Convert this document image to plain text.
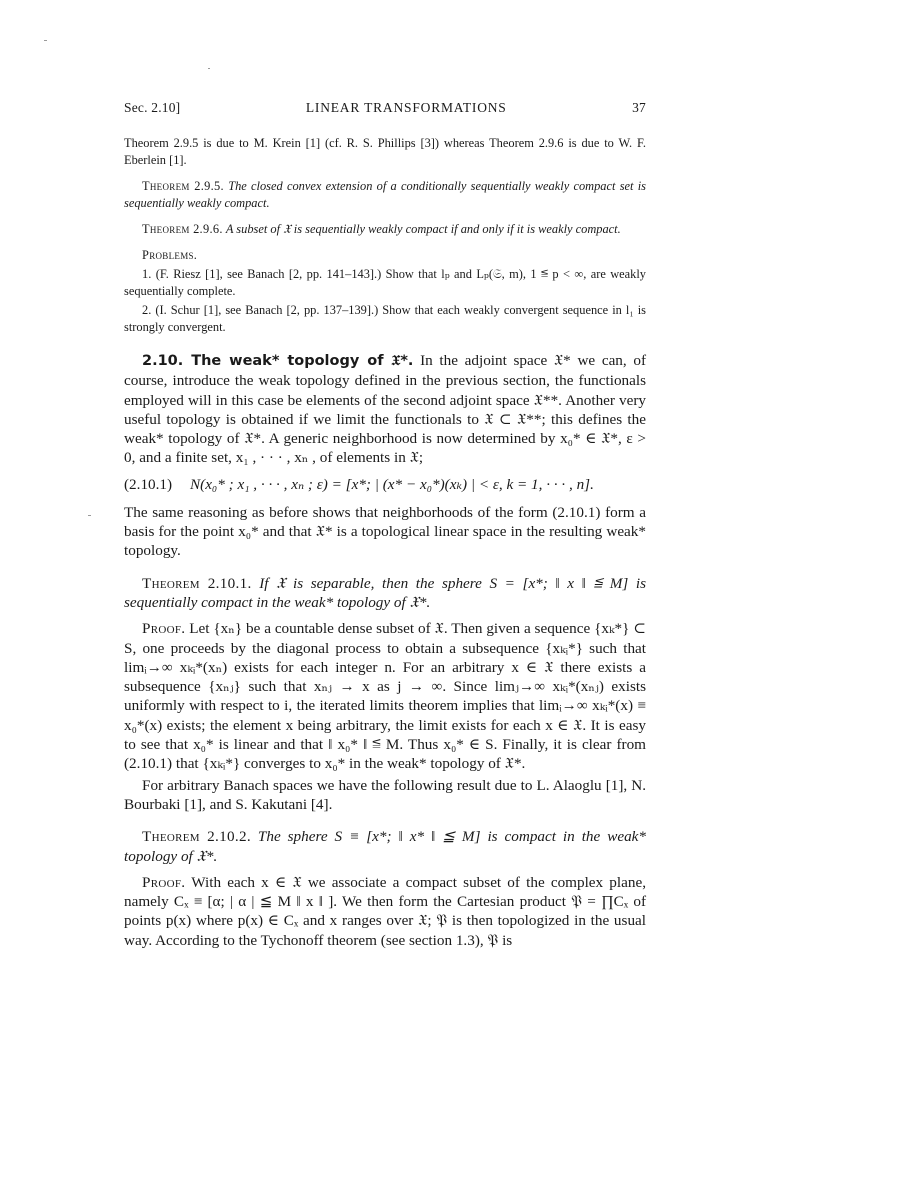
Sec. 2.10]	LINEAR TRANSFORMATIONS	37

Theorem 2.9.5 is due to M. Krein [1] (cf. R. S. Phillips [3]) whereas Theorem 2.9.6 is due to W. F. Eberlein [1].

Theorem 2.9.5. The closed convex extension of a conditionally sequentially weakly compact set is sequentially weakly compact.

Theorem 2.9.6. A subset of 𝔛 is sequentially weakly compact if and only if it is weakly compact.

Problems.

1. (F. Riesz [1], see Banach [2, pp. 141–143].) Show that lₚ and Lₚ(𝔖, m), 1 ≦ p < ∞, are weakly sequentially complete.

2. (I. Schur [1], see Banach [2, pp. 137–139].) Show that each weakly convergent sequence in l₁ is strongly convergent.

2.10. The weak* topology of 𝔛*. In the adjoint space 𝔛* we can, of course, introduce the weak topology defined in the previous section, the functionals employed will in this case be elements of the second adjoint space 𝔛**. Another very useful topology is obtained if we limit the functionals to 𝔛 ⊂ 𝔛**; this defines the weak* topology of 𝔛*. A generic neighborhood is now determined by x₀* ∈ 𝔛*, ε > 0, and a finite set, x₁ , · · · , xₙ , of elements in 𝔛;

(2.10.1)	N(x₀* ; x₁ , · · · , xₙ ; ε) = [x*; | (x* − x₀*)(xₖ) | < ε, k = 1, · · · , n].

The same reasoning as before shows that neighborhoods of the form (2.10.1) form a basis for the point x₀* and that 𝔛* is a topological linear space in the resulting weak* topology.

Theorem 2.10.1. If 𝔛 is separable, then the sphere S = [x*; ‖ x ‖ ≦ M] is sequentially compact in the weak* topology of 𝔛*.

Proof. Let {xₙ} be a countable dense subset of 𝔛. Then given a sequence {xₖ*} ⊂ S, one proceeds by the diagonal process to obtain a subsequence {xₖᵢ*} such that limᵢ→∞ xₖᵢ*(xₙ) exists for each integer n. For an arbitrary x ∈ 𝔛 there exists a subsequence {xₙⱼ} such that xₙⱼ → x as j → ∞. Since limⱼ→∞ xₖᵢ*(xₙⱼ) exists uniformly with respect to i, the iterated limits theorem implies that limᵢ→∞ xₖᵢ*(x) ≡ x₀*(x) exists; the element x being arbitrary, the limit exists for each x ∈ 𝔛. It is easy to see that x₀* is linear and that ‖ x₀* ‖ ≦ M. Thus x₀* ∈ S. Finally, it is clear from (2.10.1) that {xₖᵢ*} converges to x₀* in the weak* topology of 𝔛*.

For arbitrary Banach spaces we have the following result due to L. Alaoglu [1], N. Bourbaki [1], and S. Kakutani [4].

Theorem 2.10.2. The sphere S ≡ [x*; ‖ x* ‖ ≦ M] is compact in the weak* topology of 𝔛*.

Proof. With each x ∈ 𝔛 we associate a compact subset of the complex plane, namely Cₓ ≡ [α; | α | ≦ M ‖ x ‖ ]. We then form the Cartesian product 𝔓 = ∏Cₓ of points p(x) where p(x) ∈ Cₓ and x ranges over 𝔛; 𝔓 is then topologized in the usual way. According to the Tychonoff theorem (see section 1.3), 𝔓 is
